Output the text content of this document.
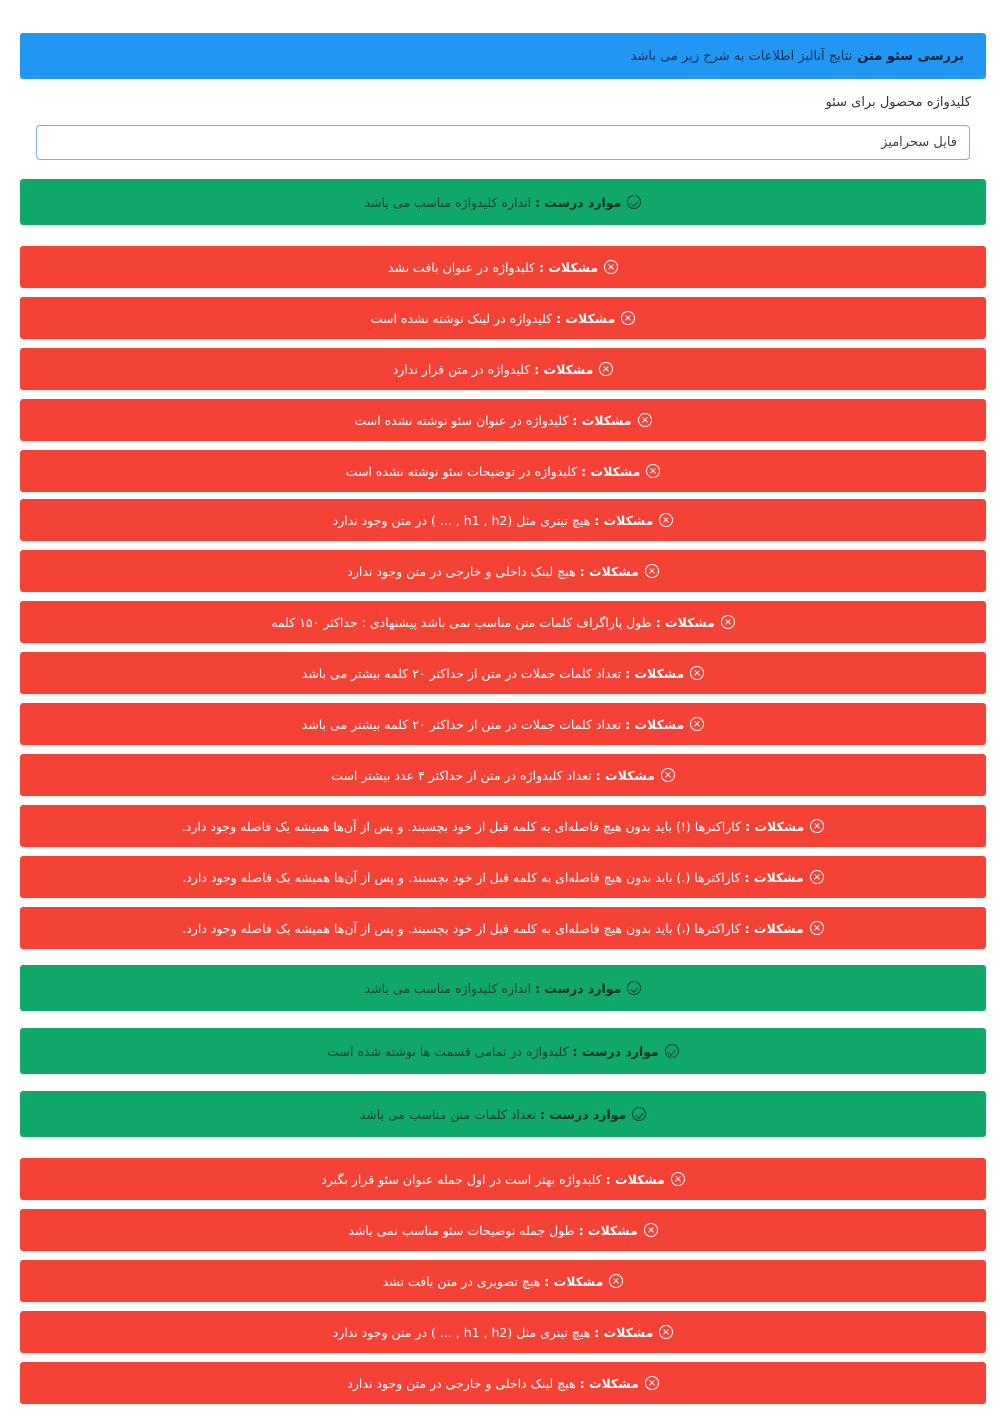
بررسی سئو متن
نتایج آنالیز اطلاعات به شرح زیر می باشد
کلیدواژه محصول برای سئو
فایل سحرآمیز
موارد درست :
اندازه کلیدواژه مناسب می باشد
مشکلات :
کلیدواژه در عنوان یافت نشد
مشکلات :
کلیدواژه در لینک نوشته نشده است
مشکلات :
کلیدواژه در متن قرار ندارد
مشکلات :
کلیدواژه در عنوان سئو نوشته نشده است
مشکلات :
کلیدواژه در توضیحات سئو نوشته نشده است
مشکلات :
هیچ تیتری مثل (h1 , h2 , ... ) در متن وجود ندارد
مشکلات :
هیچ لینک داخلی و خارجی در متن وجود ندارد
مشکلات :
طول پاراگراف کلمات متن مناسب نمی باشد پیشنهادی : حداکثر ۱۵۰ کلمه
مشکلات :
تعداد کلمات جملات در متن از حداکثر ۲۰ کلمه بیشتر می باشد
مشکلات :
تعداد کلمات جملات در متن از حداکثر ۲۰ کلمه بیشتر می باشد
مشکلات :
تعداد کلیدواژه در متن از حداکثر ۴ عدد بیشتر است
مشکلات :
کاراکترها (!) باید بدون هیچ فاصله‌ای به کلمه قبل از خود بچسبند. و پس از آن‌ها همیشه یک فاصله وجود دارد.
مشکلات :
کاراکترها (.) باید بدون هیچ فاصله‌ای به کلمه قبل از خود بچسبند. و پس از آن‌ها همیشه یک فاصله وجود دارد.
مشکلات :
کاراکترها (،) باید بدون هیچ فاصله‌ای به کلمه قبل از خود بچسبند. و پس از آن‌ها همیشه یک فاصله وجود دارد.
موارد درست :
اندازه کلیدواژه مناسب می باشد
موارد درست :
کلیدواژه در تمامی قسمت ها نوشته شده است
موارد درست :
تعداد کلمات متن مناسب می باشد
مشکلات :
کلیدواژه بهتر است در اول جمله عنوان سئو قرار بگیرد
مشکلات :
طول جمله توضیحات سئو مناسب نمی باشد
مشکلات :
هیچ تصویری در متن یافت نشد
مشکلات :
هیچ تیتری مثل (h1 , h2 , ... ) در متن وجود ندارد
مشکلات :
هیچ لینک داخلی و خارجی در متن وجود ندارد
